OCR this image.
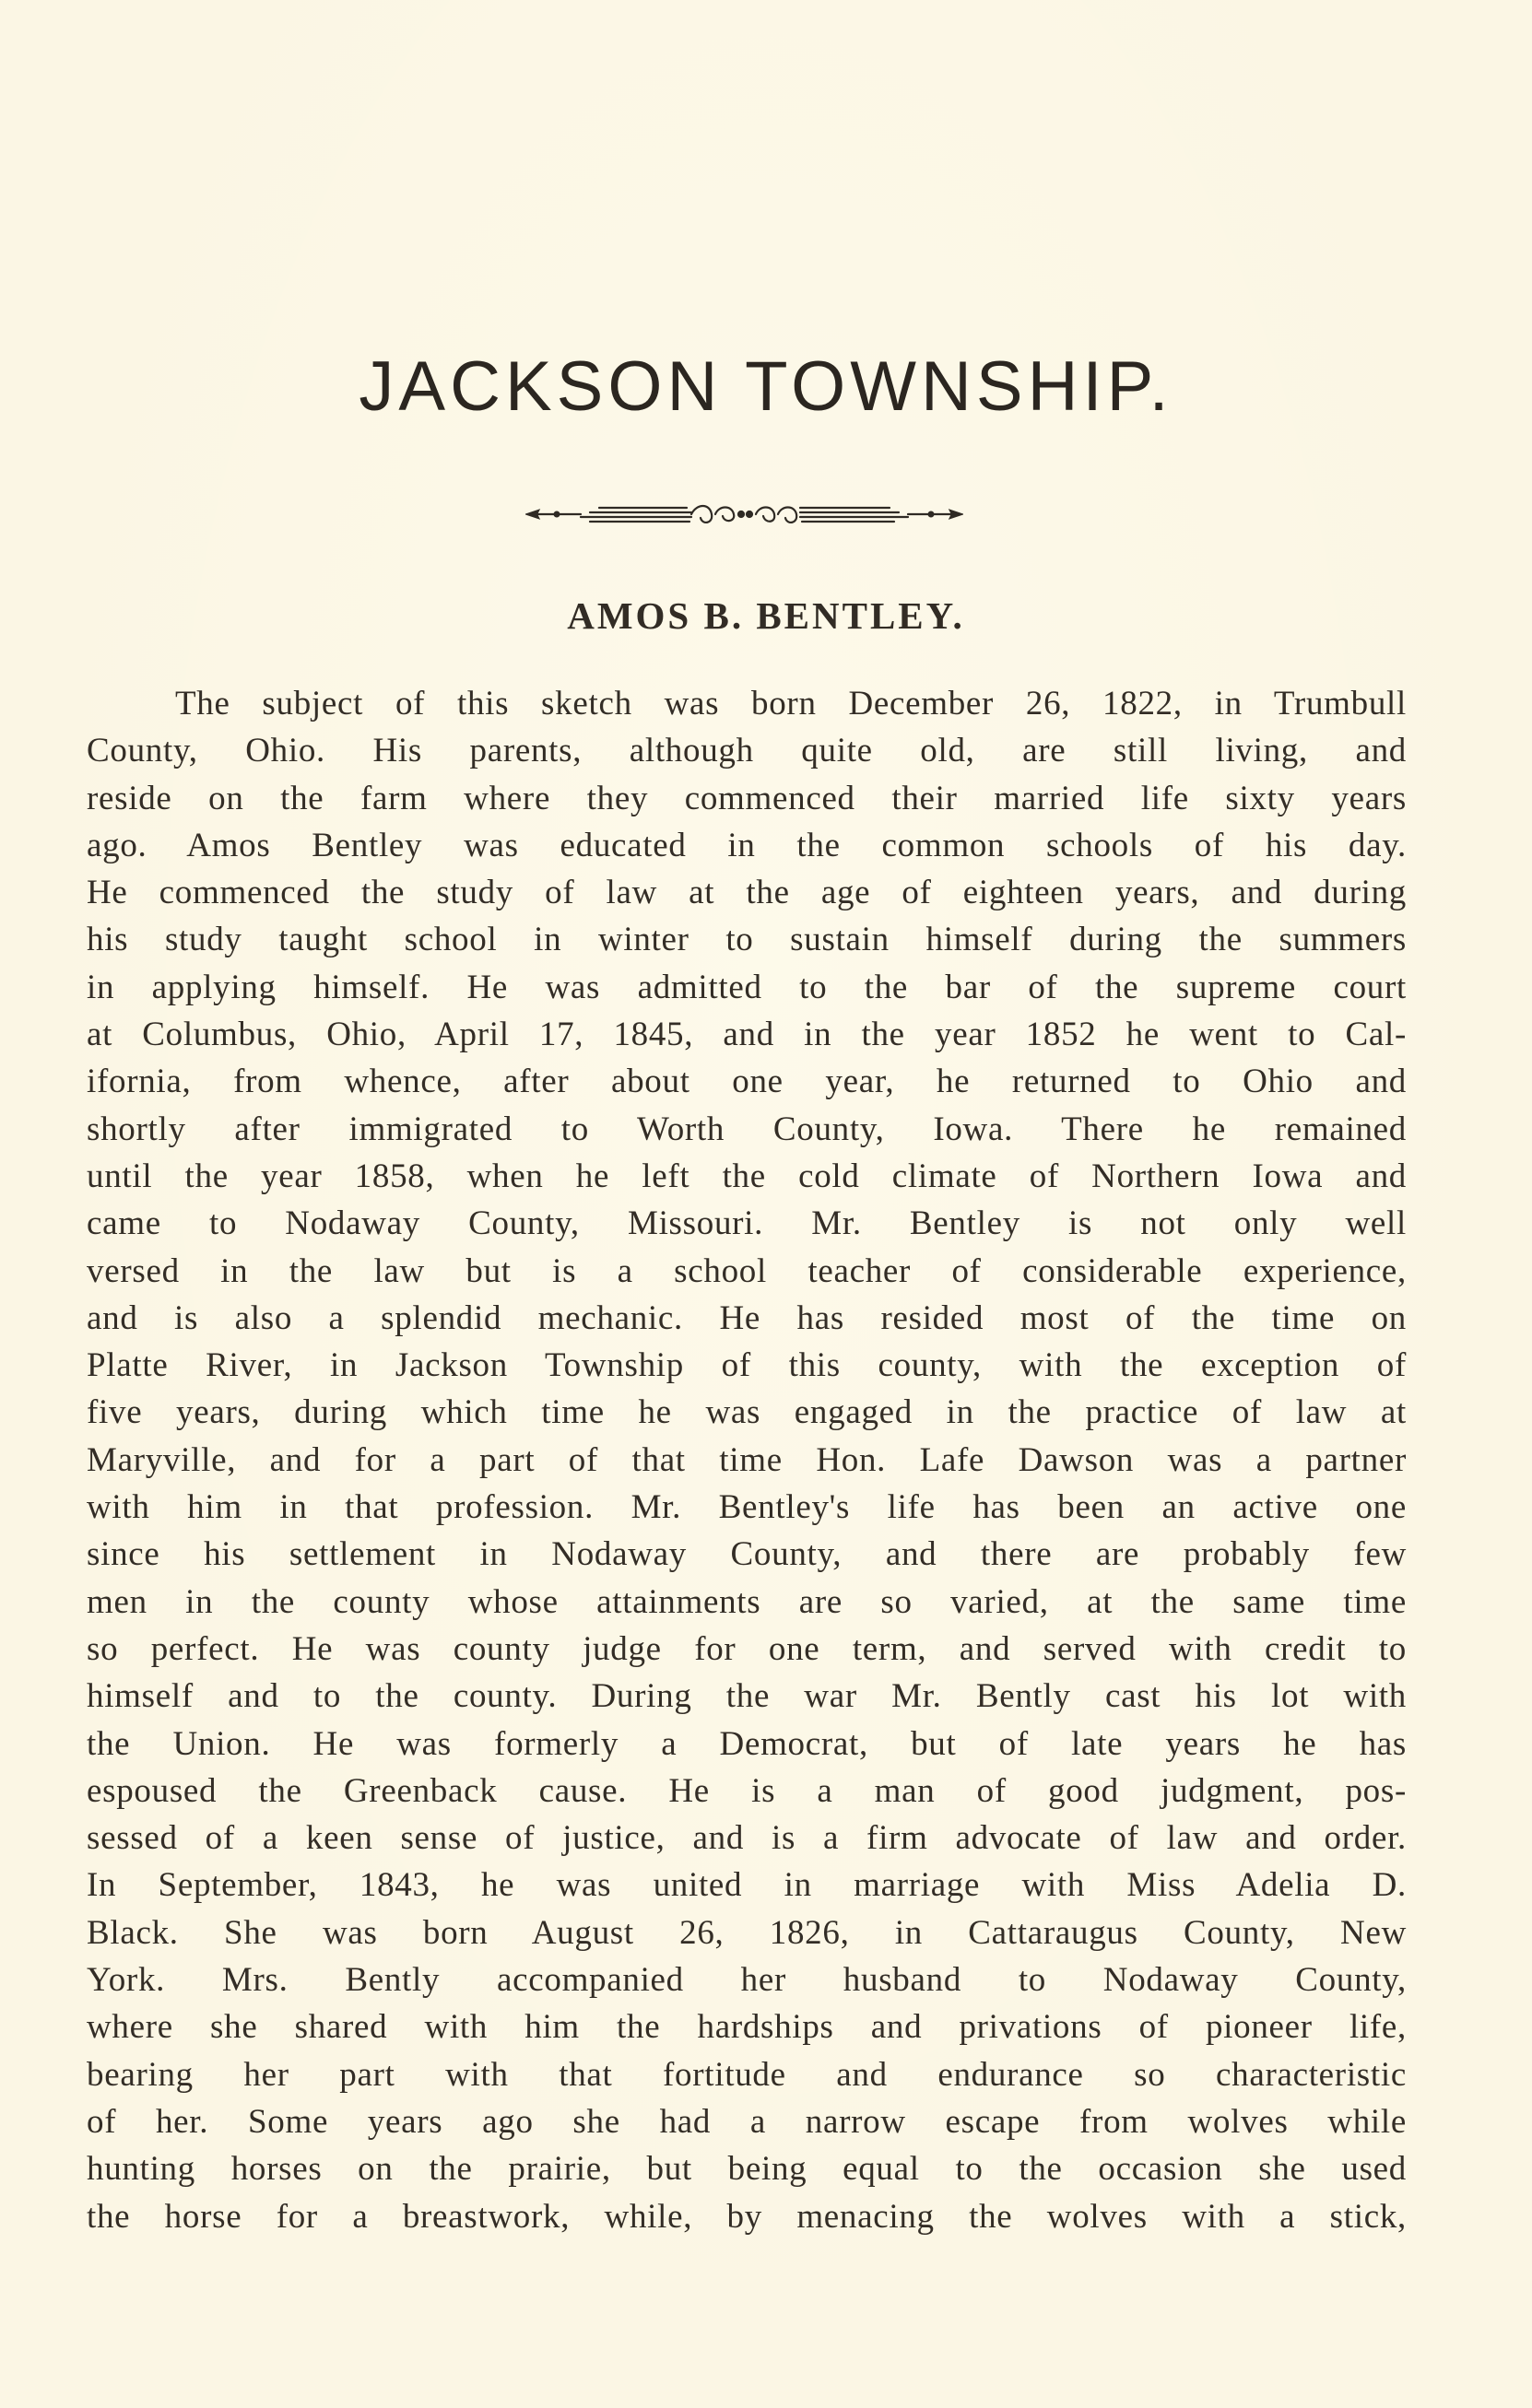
JACKSON TOWNSHIP.
AMOS B. BENTLEY.
The subject of this sketch was born December 26, 1822, in Trumbull
County, Ohio. His parents, although quite old, are still living, and
reside on the farm where they commenced their married life sixty years
ago. Amos Bentley was educated in the common schools of his day.
He commenced the study of law at the age of eighteen years, and during
his study taught school in winter to sustain himself during the summers
in applying himself. He was admitted to the bar of the supreme court
at Columbus, Ohio, April 17, 1845, and in the year 1852 he went to Cal-
ifornia, from whence, after about one year, he returned to Ohio and
shortly after immigrated to Worth County, Iowa. There he remained
until the year 1858, when he left the cold climate of Northern Iowa and
came to Nodaway County, Missouri. Mr. Bentley is not only well
versed in the law but is a school teacher of considerable experience,
and is also a splendid mechanic. He has resided most of the time on
Platte River, in Jackson Township of this county, with the exception of
five years, during which time he was engaged in the practice of law at
Maryville, and for a part of that time Hon. Lafe Dawson was a partner
with him in that profession. Mr. Bentley's life has been an active one
since his settlement in Nodaway County, and there are probably few
men in the county whose attainments are so varied, at the same time
so perfect. He was county judge for one term, and served with credit to
himself and to the county. During the war Mr. Bently cast his lot with
the Union. He was formerly a Democrat, but of late years he has
espoused the Greenback cause. He is a man of good judgment, pos-
sessed of a keen sense of justice, and is a firm advocate of law and order.
In September, 1843, he was united in marriage with Miss Adelia D.
Black. She was born August 26, 1826, in Cattaraugus County, New
York. Mrs. Bently accompanied her husband to Nodaway County,
where she shared with him the hardships and privations of pioneer life,
bearing her part with that fortitude and endurance so characteristic
of her. Some years ago she had a narrow escape from wolves while
hunting horses on the prairie, but being equal to the occasion she used
the horse for a breastwork, while, by menacing the wolves with a stick,
